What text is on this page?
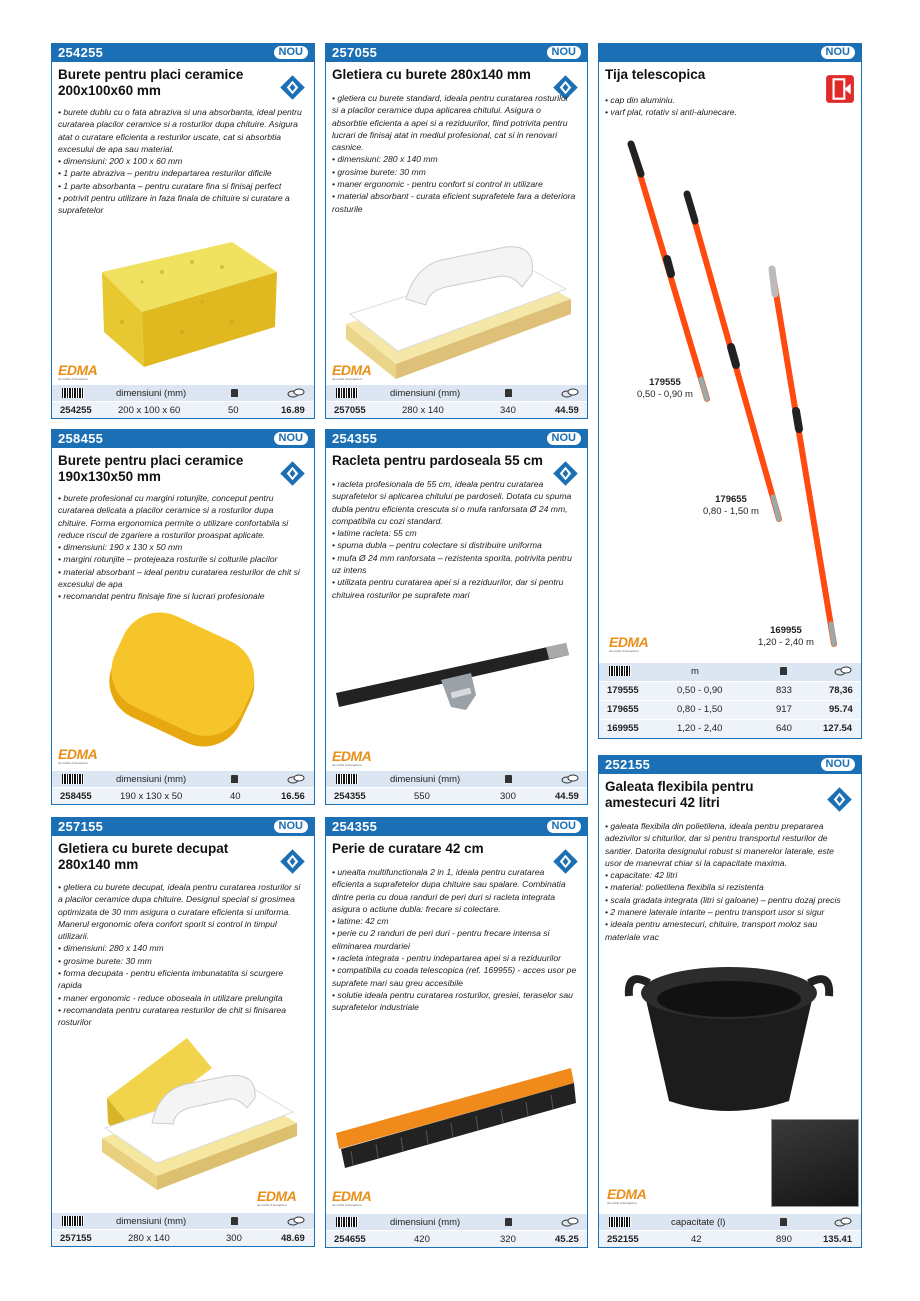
254255	NOU
Burete pentru placi ceramice 200x100x60 mm
• burete dublu cu o fata abraziva si una absorbanta, ideal pentru curatarea placilor ceramice si a rosturilor dupa chituire. Asigura atat o curatare eficienta a resturilor uscate, cat si absorbtia excesului de apa sau material.
• dimensiuni: 200 x 100 x 60 mm
• 1 parte abraziva – pentru indepartarea resturilor dificile
• 1 parte absorbanta – pentru curatare fina si finisaj perfect
• potrivit pentru utilizare in faza finala de chituire si curatare a suprafetelor
EDMA
de outils d'exception
dimensiuni (mm)
254255	200 x 100 x 60	50	16.89
257055	NOU
Gletiera cu burete 280x140 mm
• gletiera cu burete standard, ideala pentru curatarea rosturilor si a placilor ceramice dupa aplicarea chitului. Asigura o absorbtie eficienta a apei si a reziduurilor, fiind potrivita pentru lucrari de finisaj atat in mediul profesional, cat si in renovari casnice.
• dimensiuni: 280 x 140 mm
• grosime burete: 30 mm
• maner ergonomic - pentru confort si control in utilizare
• material absorbant - curata eficient suprafetele fara a deteriora rosturile
EDMA
de outils d'exception
dimensiuni (mm)
257055	280 x 140	340	44.59
NOU
Tija telescopica
• cap din aluminiu.
• varf plat, rotativ si anti-alunecare.
179555
0,50 - 0,90 m
179655
0,80 - 1,50 m
169955
1,20 - 2,40 m
EDMA
de outils d'exception
m
179555	0,50 - 0,90	833	78,36
179655	0,80 - 1,50	917	95.74
169955	1,20 - 2,40	640	127.54
258455	NOU
Burete pentru placi ceramice 190x130x50 mm
• burete profesional cu margini rotunjite, conceput pentru curatarea delicata a placilor ceramice si a rosturilor dupa chituire. Forma ergonomica permite o utilizare confortabila si reduce riscul de zgariere a rosturilor proaspat aplicate.
• dimensiuni: 190 x 130 x 50 mm
• margini rotunjite – protejeaza rosturile si colturile placilor
• material absorbant – ideal pentru curatarea resturilor de chit si excesului de apa
• recomandat pentru finisaje fine si lucrari profesionale
EDMA
de outils d'exception
dimensiuni (mm)
258455	190 x 130 x 50	40	16.56
254355	NOU
Racleta pentru pardoseala 55 cm
• racleta profesionala de 55 cm, ideala pentru curatarea suprafetelor si aplicarea chitului pe pardoseli. Dotata cu spuma dubla pentru eficienta crescuta si o mufa ranforsata Ø 24 mm, compatibila cu cozi standard.
• latime racleta: 55 cm
• spuma dubla – pentru colectare si distribuire uniforma
• mufa Ø 24 mm ranforsata – rezistenta sporita, potrivita pentru uz intens
• utilizata pentru curatarea apei si a reziduurilor, dar si pentru chituirea rosturilor pe suprafete mari
EDMA
de outils d'exception
dimensiuni (mm)
254355	550	300	44.59
252155	NOU
Galeata flexibila pentru amestecuri 42 litri
• galeata flexibila din polietilena, ideala pentru prepararea adezivilor si chiturilor, dar si pentru transportul resturilor de santier. Datorita designului robust si manerelor laterale, este usor de manevrat chiar si la capacitate maxima.
• capacitate: 42 litri
• material: polietilena flexibila si rezistenta
• scala gradata integrata (litri si galoane) – pentru dozaj precis
• 2 manere laterale intarite – pentru transport usor si sigur
• ideala pentru amestecuri, chituire, transport moloz sau materiale vrac
EDMA
de outils d'exception
capacitate (l)
252155	42	890	135.41
257155	NOU
Gletiera cu burete decupat 280x140 mm
• gletiera cu burete decupat, ideala pentru curatarea rosturilor si a placilor ceramice dupa chituire. Designul special si grosimea optimizata de 30 mm asigura o curatare eficienta si uniforma. Manerul ergonomic ofera confort sporit si control in timpul utilizarii.
• dimensiuni: 280 x 140 mm
• grosime burete: 30 mm
• forma decupata - pentru eficienta imbunatatita si scurgere rapida
• maner ergonomic - reduce oboseala in utilizare prelungita
• recomandata pentru curatarea resturilor de chit si finisarea rosturilor
EDMA
de outils d'exception
dimensiuni (mm)
257155	280 x 140	300	48.69
254355	NOU
Perie de curatare 42 cm
• unealta multifunctionala 2 in 1, ideala pentru curatarea eficienta a suprafetelor dupa chituire sau spalare. Combinatia dintre peria cu doua randuri de peri duri si racleta integrata asigura o actiune dubla: frecare si colectare.
• latime: 42 cm
• perie cu 2 randuri de peri duri - pentru frecare intensa si eliminarea murdariei
• racleta integrata - pentru indepartarea apei si a reziduurilor
• compatibila cu coada telescopica (ref. 169955) - acces usor pe suprafete mari sau greu accesibile
• solutie ideala pentru curatarea rosturilor, gresiei, teraselor sau suprafetelor industriale
EDMA
de outils d'exception
dimensiuni (mm)
254655	420	320	45.25
